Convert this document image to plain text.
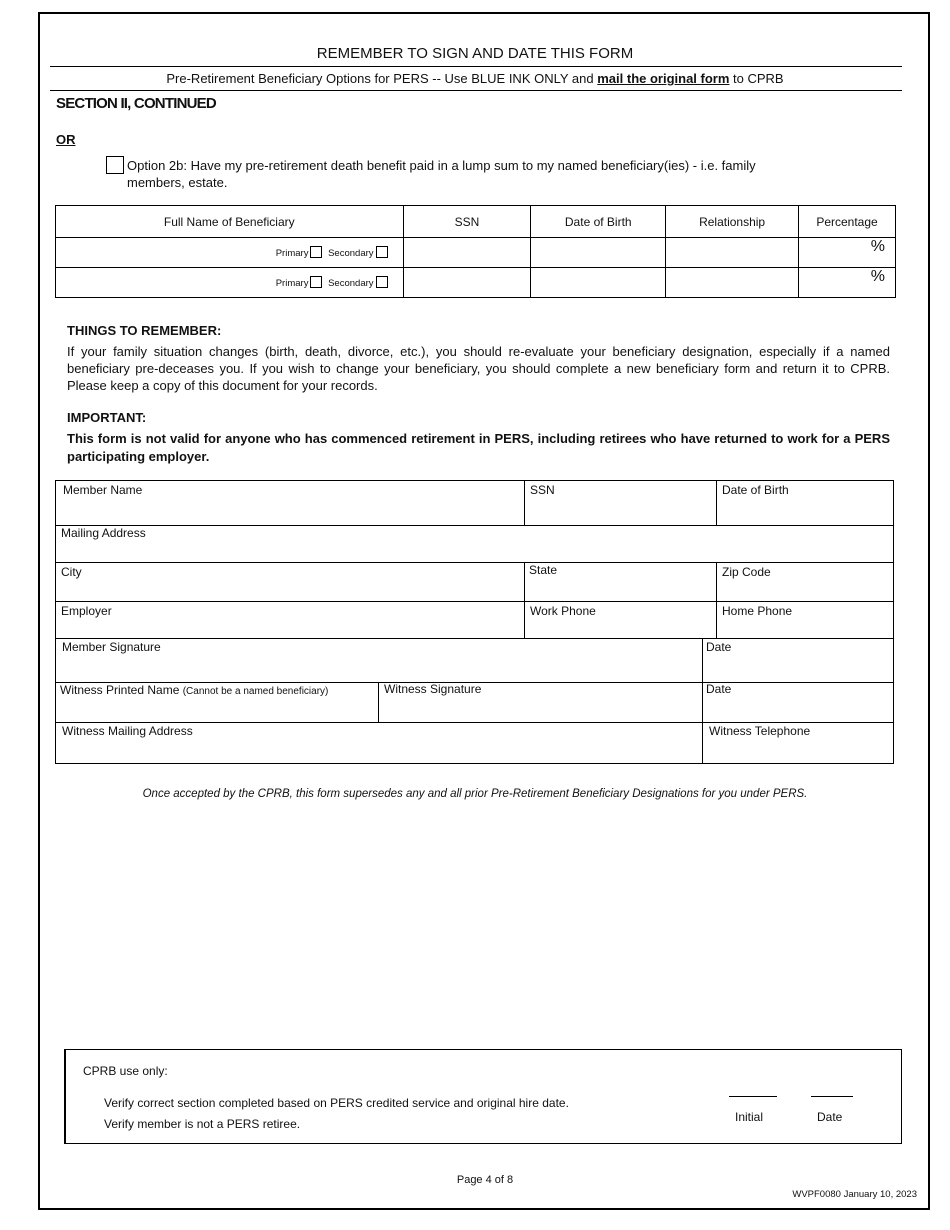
REMEMBER TO SIGN AND DATE THIS FORM
Pre-Retirement Beneficiary Options for PERS -- Use BLUE INK ONLY and mail the original form to CPRB
SECTION II, CONTINUED
OR
Option 2b: Have my pre-retirement death benefit paid in a lump sum to my named beneficiary(ies) - i.e. family members, estate.
Full Name of Beneficiary	SSN	Date of Birth	Relationship	Percentage
Primary Secondary				%
Primary Secondary				%
THINGS TO REMEMBER:
If your family situation changes (birth, death, divorce, etc.), you should re-evaluate your beneficiary designation, especially if a named beneficiary pre-deceases you. If you wish to change your beneficiary, you should complete a new beneficiary form and return it to CPRB. Please keep a copy of this document for your records.
IMPORTANT:
This form is not valid for anyone who has commenced retirement in PERS, including retirees who have returned to work for a PERS participating employer.
Member Name	SSN	Date of Birth
Mailing Address
City	State	Zip Code
Employer	Work Phone	Home Phone
Member Signature	Date
Witness Printed Name (Cannot be a named beneficiary)	Witness Signature	Date
Witness Mailing Address	Witness Telephone
Once accepted by the CPRB, this form supersedes any and all prior Pre-Retirement Beneficiary Designations for you under PERS.
CPRB use only:
Verify correct section completed based on PERS credited service and original hire date.
Verify member is not a PERS retiree.	Initial	Date
Page 4 of 8
WVPF0080 January 10, 2023
